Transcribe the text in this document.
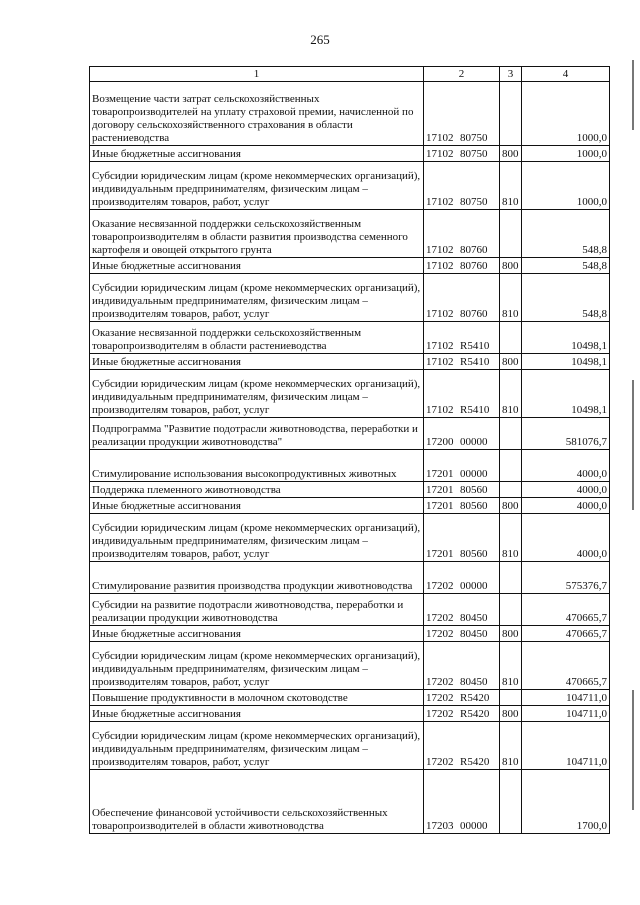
265
1	2	3	4
Возмещение части затрат сельскохозяйственных товаропроизводителей на уплату страховой премии, начисленной по договору сельскохозяйственного страхования в области растениеводства	17102 80750		1000,0
Иные бюджетные ассигнования	17102 80750	800	1000,0
Субсидии юридическим лицам (кроме некоммерческих организаций), индивидуальным предпринимателям, физическим лицам – производителям товаров, работ, услуг	17102 80750	810	1000,0
Оказание несвязанной поддержки сельскохозяйственным товаропроизводителям в области развития производства семенного картофеля и овощей открытого грунта	17102 80760		548,8
Иные бюджетные ассигнования	17102 80760	800	548,8
Субсидии юридическим лицам (кроме некоммерческих организаций), индивидуальным предпринимателям, физическим лицам – производителям товаров, работ, услуг	17102 80760	810	548,8
Оказание несвязанной поддержки сельскохозяйственным товаропроизводителям в области растениеводства	17102 R5410		10498,1
Иные бюджетные ассигнования	17102 R5410	800	10498,1
Субсидии юридическим лицам (кроме некоммерческих организаций), индивидуальным предпринимателям, физическим лицам – производителям товаров, работ, услуг	17102 R5410	810	10498,1
Подпрограмма "Развитие подотрасли животноводства, переработки и реализации продукции животноводства"	17200 00000		581076,7
Стимулирование использования высокопродуктивных животных	17201 00000		4000,0
Поддержка племенного животноводства	17201 80560		4000,0
Иные бюджетные ассигнования	17201 80560	800	4000,0
Субсидии юридическим лицам (кроме некоммерческих организаций), индивидуальным предпринимателям, физическим лицам – производителям товаров, работ, услуг	17201 80560	810	4000,0
Стимулирование развития производства продукции животноводства	17202 00000		575376,7
Субсидии на развитие подотрасли животноводства, переработки и реализации продукции животноводства	17202 80450		470665,7
Иные бюджетные ассигнования	17202 80450	800	470665,7
Субсидии юридическим лицам (кроме некоммерческих организаций), индивидуальным предпринимателям, физическим лицам – производителям товаров, работ, услуг	17202 80450	810	470665,7
Повышение продуктивности в молочном скотоводстве	17202 R5420		104711,0
Иные бюджетные ассигнования	17202 R5420	800	104711,0
Субсидии юридическим лицам (кроме некоммерческих организаций), индивидуальным предпринимателям, физическим лицам – производителям товаров, работ, услуг	17202 R5420	810	104711,0
Обеспечение финансовой устойчивости сельскохозяйственных товаропроизводителей в области животноводства	17203 00000		1700,0
